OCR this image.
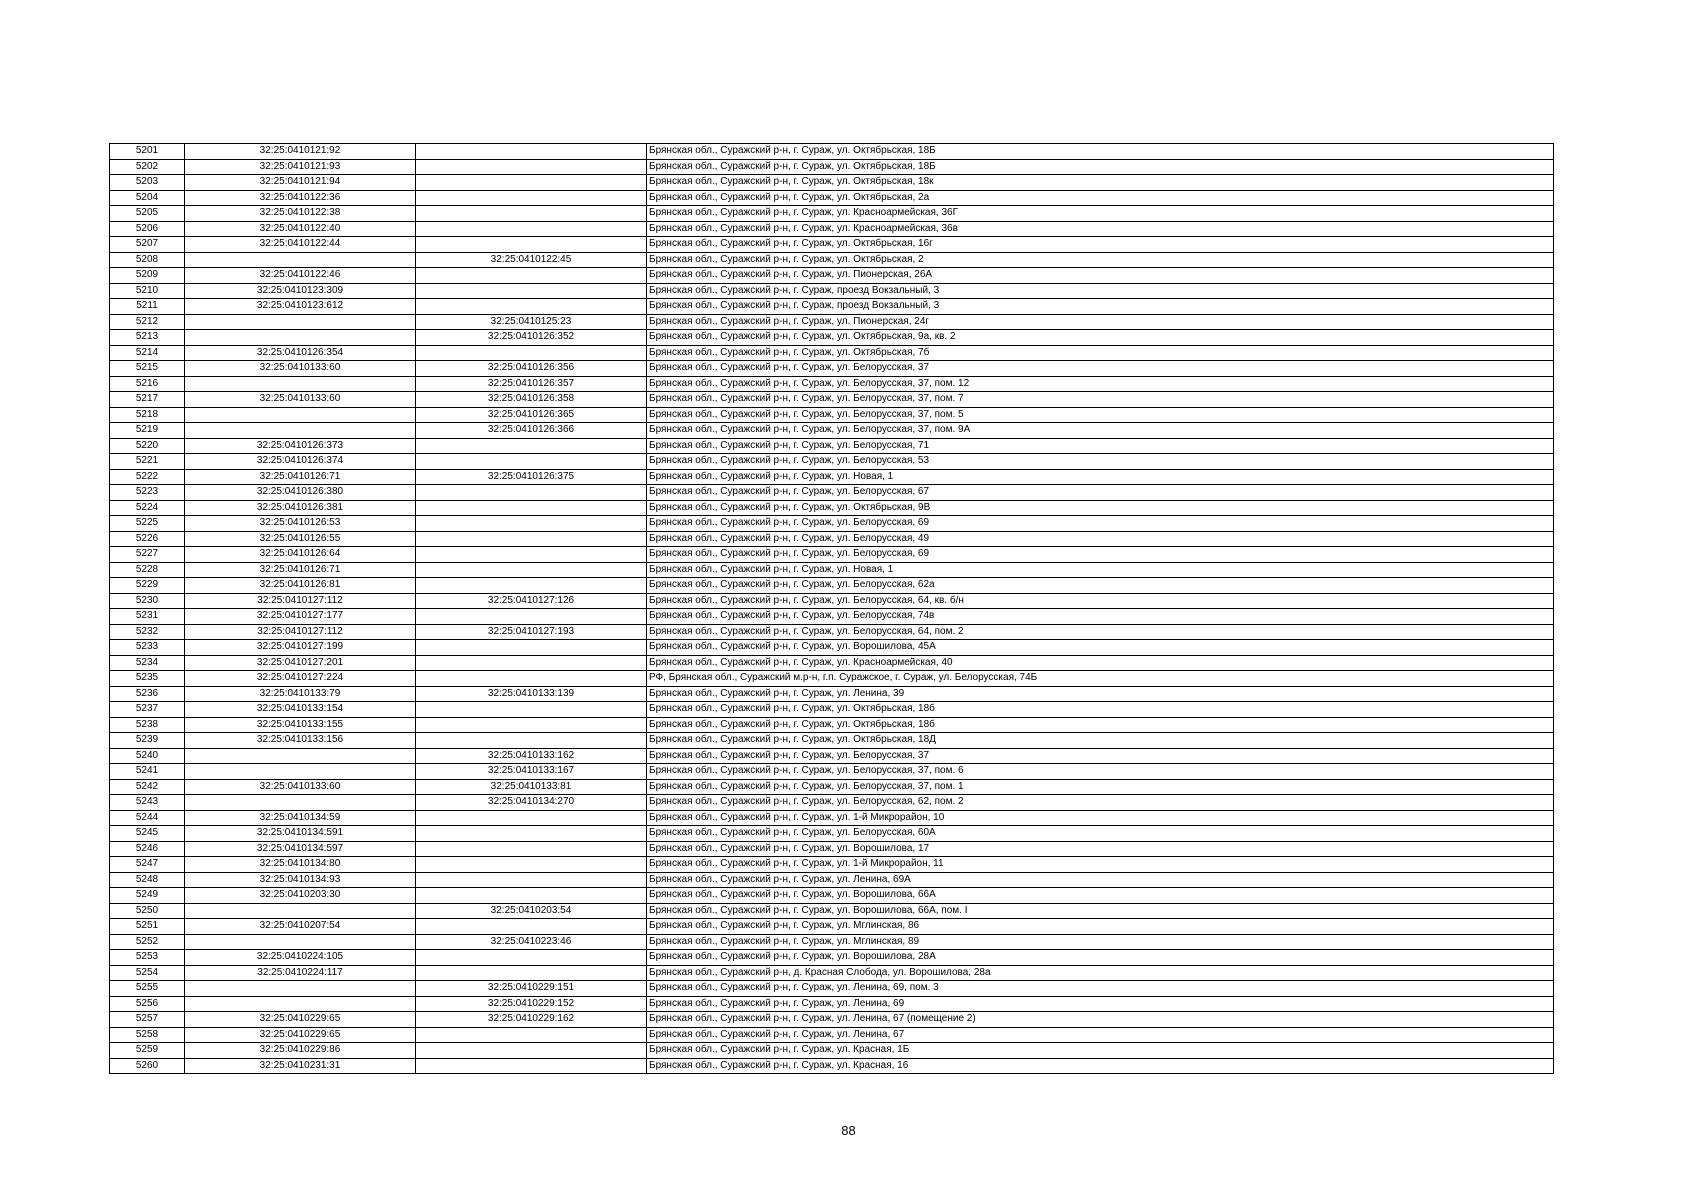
5201	32:25:0410121:92		Брянская обл., Суражский р-н, г. Сураж, ул. Октябрьская, 18Б
5202	32:25:0410121:93		Брянская обл., Суражский р-н, г. Сураж, ул. Октябрьская, 18Б
5203	32:25:0410121:94		Брянская обл., Суражский р-н, г. Сураж, ул. Октябрьская, 18к
5204	32:25:0410122:36		Брянская обл., Суражский р-н, г. Сураж, ул. Октябрьская, 2а
5205	32:25:0410122:38		Брянская обл., Суражский р-н, г. Сураж, ул. Красноармейская, 36Г
5206	32:25:0410122:40		Брянская обл., Суражский р-н, г. Сураж, ул. Красноармейская, 36в
5207	32:25:0410122:44		Брянская обл., Суражский р-н, г. Сураж, ул. Октябрьская, 16г
5208		32:25:0410122:45	Брянская обл., Суражский р-н, г. Сураж, ул. Октябрьская, 2
5209	32:25:0410122:46		Брянская обл., Суражский р-н, г. Сураж, ул. Пионерская, 26А
5210	32:25:0410123:309		Брянская обл., Суражский р-н, г. Сураж, проезд Вокзальный, 3
5211	32:25:0410123:612		Брянская обл., Суражский р-н, г. Сураж, проезд Вокзальный, 3
5212		32:25:0410125:23	Брянская обл., Суражский р-н, г. Сураж, ул. Пионерская, 24г
5213		32:25:0410126:352	Брянская обл., Суражский р-н, г. Сураж, ул. Октябрьская, 9а, кв. 2
5214	32:25:0410126:354		Брянская обл., Суражский р-н, г. Сураж, ул. Октябрьская, 7б
5215	32:25:0410133:60	32:25:0410126:356	Брянская обл., Суражский р-н, г. Сураж, ул. Белорусская, 37
5216		32:25:0410126:357	Брянская обл., Суражский р-н, г. Сураж, ул. Белорусская, 37, пом. 12
5217	32:25:0410133:60	32:25:0410126:358	Брянская обл., Суражский р-н, г. Сураж, ул. Белорусская, 37, пом. 7
5218		32:25:0410126:365	Брянская обл., Суражский р-н, г. Сураж, ул. Белорусская, 37, пом. 5
5219		32:25:0410126:366	Брянская обл., Суражский р-н, г. Сураж, ул. Белорусская, 37, пом. 9А
5220	32:25:0410126:373		Брянская обл., Суражский р-н, г. Сураж, ул. Белорусская, 71
5221	32:25:0410126:374		Брянская обл., Суражский р-н, г. Сураж, ул. Белорусская, 53
5222	32:25:0410126:71	32:25:0410126:375	Брянская обл., Суражский р-н, г. Сураж, ул. Новая, 1
5223	32:25:0410126:380		Брянская обл., Суражский р-н, г. Сураж, ул. Белорусская, 67
5224	32:25:0410126:381		Брянская обл., Суражский р-н, г. Сураж, ул. Октябрьская, 9В
5225	32:25:0410126:53		Брянская обл., Суражский р-н, г. Сураж, ул. Белорусская, 69
5226	32:25:0410126:55		Брянская обл., Суражский р-н, г. Сураж, ул. Белорусская, 49
5227	32:25:0410126:64		Брянская обл., Суражский р-н, г. Сураж, ул. Белорусская, 69
5228	32:25:0410126:71		Брянская обл., Суражский р-н, г. Сураж, ул. Новая, 1
5229	32:25:0410126:81		Брянская обл., Суражский р-н, г. Сураж, ул. Белорусская, 62а
5230	32:25:0410127:112	32:25:0410127:126	Брянская обл., Суражский р-н, г. Сураж, ул. Белорусская, 64, кв. б/н
5231	32:25:0410127:177		Брянская обл., Суражский р-н, г. Сураж, ул. Белорусская, 74в
5232	32:25:0410127:112	32:25:0410127:193	Брянская обл., Суражский р-н, г. Сураж, ул. Белорусская, 64, пом. 2
5233	32:25:0410127:199		Брянская обл., Суражский р-н, г. Сураж, ул. Ворошилова, 45А
5234	32:25:0410127:201		Брянская обл., Суражский р-н, г. Сураж, ул. Красноармейская, 40
5235	32:25:0410127:224		РФ, Брянская обл., Суражский м.р-н, г.п. Суражское, г. Сураж, ул. Белорусская, 74Б
5236	32:25:0410133:79	32:25:0410133:139	Брянская обл., Суражский р-н, г. Сураж, ул. Ленина, 39
5237	32:25:0410133:154		Брянская обл., Суражский р-н, г. Сураж, ул. Октябрьская, 18б
5238	32:25:0410133:155		Брянская обл., Суражский р-н, г. Сураж, ул. Октябрьская, 18б
5239	32:25:0410133:156		Брянская обл., Суражский р-н, г. Сураж, ул. Октябрьская, 18Д
5240		32:25:0410133:162	Брянская обл., Суражский р-н, г. Сураж, ул. Белорусская, 37
5241		32:25:0410133:167	Брянская обл., Суражский р-н, г. Сураж, ул. Белорусская, 37, пом. 6
5242	32:25:0410133:60	32:25:0410133:81	Брянская обл., Суражский р-н, г. Сураж, ул. Белорусская, 37, пом. 1
5243		32:25:0410134:270	Брянская обл., Суражский р-н, г. Сураж, ул. Белорусская, 62, пом. 2
5244	32:25:0410134:59		Брянская обл., Суражский р-н, г. Сураж, ул. 1-й Микрорайон, 10
5245	32:25:0410134:591		Брянская обл., Суражский р-н, г. Сураж, ул. Белорусская, 60А
5246	32:25:0410134:597		Брянская обл., Суражский р-н, г. Сураж, ул. Ворошилова, 17
5247	32:25:0410134:80		Брянская обл., Суражский р-н, г. Сураж, ул. 1-й Микрорайон, 11
5248	32:25:0410134:93		Брянская обл., Суражский р-н, г. Сураж, ул. Ленина, 69А
5249	32:25:0410203:30		Брянская обл., Суражский р-н, г. Сураж, ул. Ворошилова, 66А
5250		32:25:0410203:54	Брянская обл., Суражский р-н, г. Сураж, ул. Ворошилова, 66А, пом. I
5251	32:25:0410207:54		Брянская обл., Суражский р-н, г. Сураж, ул. Мглинская, 86
5252		32:25:0410223:46	Брянская обл., Суражский р-н, г. Сураж, ул. Мглинская, 89
5253	32:25:0410224:105		Брянская обл., Суражский р-н, г. Сураж, ул. Ворошилова, 28А
5254	32:25:0410224:117		Брянская обл., Суражский р-н, д. Красная Слобода, ул. Ворошилова, 28а
5255		32:25:0410229:151	Брянская обл., Суражский р-н, г. Сураж, ул. Ленина, 69, пом. 3
5256		32:25:0410229:152	Брянская обл., Суражский р-н, г. Сураж, ул. Ленина, 69
5257	32:25:0410229:65	32:25:0410229:162	Брянская обл., Суражский р-н, г. Сураж, ул. Ленина, 67 (помещение 2)
5258	32:25:0410229:65		Брянская обл., Суражский р-н, г. Сураж, ул. Ленина, 67
5259	32:25:0410229:86		Брянская обл., Суражский р-н, г. Сураж, ул. Красная, 1Б
5260	32:25:0410231:31		Брянская обл., Суражский р-н, г. Сураж, ул. Красная, 16
88
